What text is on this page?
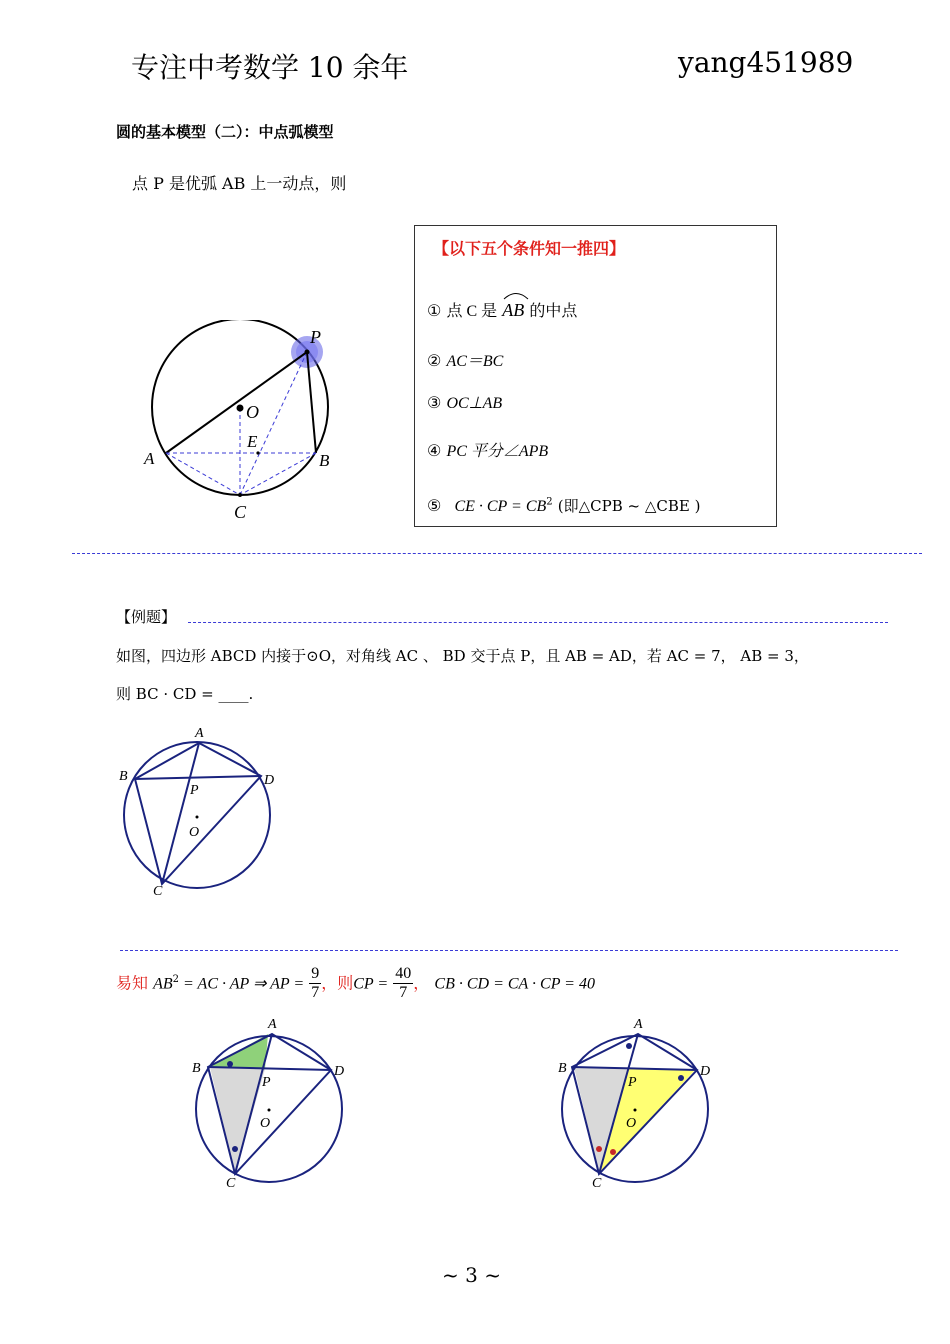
专注中考数学 10 余年	yang451989
圆的基本模型（二）：中点弧模型
点 P 是优弧 AB 上一动点，则
P
O
E
A	B
C
【以下五个条件知一推四】
① 点 C 是 AB 的中点
② AC＝BC
③ OC⊥AB
④ PC 平分∠APB
⑤ CE · CP = $CB^2$ (即△CPB ~ △CBE )
【例题】
如图，四边形 ABCD 内接于⊙O，对角线 AC 、 BD 交于点 P，且 AB = AD，若 AC = 7， AB = 3，
则 BC · CD = ____.
A
B	D
C
P
O
易知 $AB^2$ = AC · AP ⇒ AP = $\frac{9}{7}$ ，则CP = $\frac{40}{7}$ ， CB · CD = CA · CP = 40
A
B	D
C
P
O
A
B	D
C
P
O
~ 3 ~
